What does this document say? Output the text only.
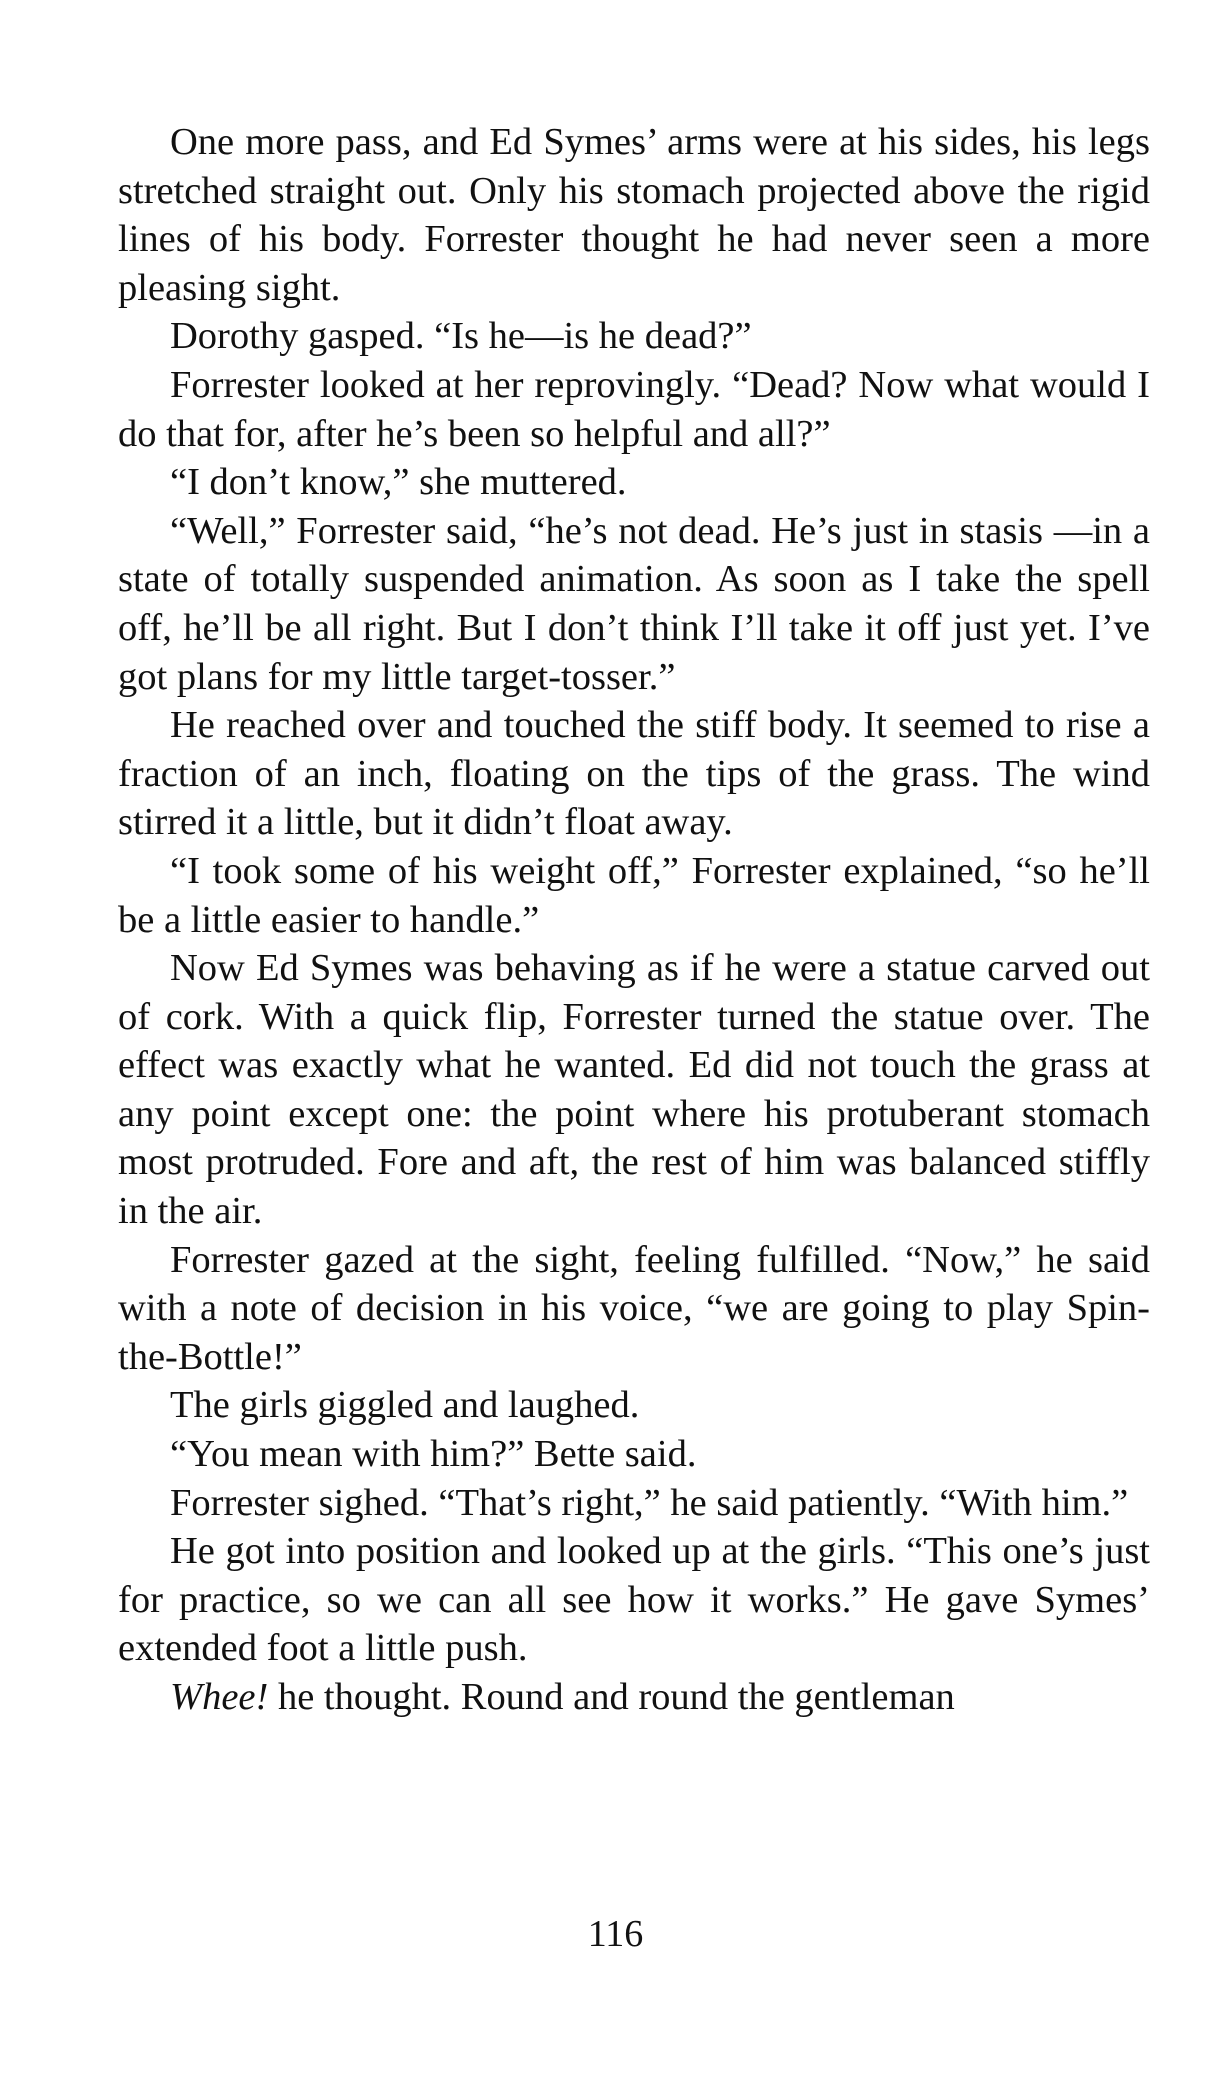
One more pass, and Ed Symes’ arms were at his sides, his legs stretched straight out. Only his stomach projected above the rigid lines of his body. Forrester thought he had never seen a more pleasing sight.

Dorothy gasped. “Is he—is he dead?”

Forrester looked at her reprovingly. “Dead? Now what would I do that for, after he’s been so helpful and all?”

“I don’t know,” she muttered.

“Well,” Forrester said, “he’s not dead. He’s just in stasis —in a state of totally suspended animation. As soon as I take the spell off, he’ll be all right. But I don’t think I’ll take it off just yet. I’ve got plans for my little target-tosser.”

He reached over and touched the stiff body. It seemed to rise a fraction of an inch, floating on the tips of the grass. The wind stirred it a little, but it didn’t float away.

“I took some of his weight off,” Forrester explained, “so he’ll be a little easier to handle.”

Now Ed Symes was behaving as if he were a statue carved out of cork. With a quick flip, Forrester turned the statue over. The effect was exactly what he wanted. Ed did not touch the grass at any point except one: the point where his protuberant stomach most protruded. Fore and aft, the rest of him was balanced stiffly in the air.

Forrester gazed at the sight, feeling fulfilled. “Now,” he said with a note of decision in his voice, “we are going to play Spin-the-Bottle!”

The girls giggled and laughed.

“You mean with him?” Bette said.

Forrester sighed. “That’s right,” he said patiently. “With him.”

He got into position and looked up at the girls. “This one’s just for practice, so we can all see how it works.” He gave Symes’ extended foot a little push.

Whee! he thought. Round and round the gentleman

116
